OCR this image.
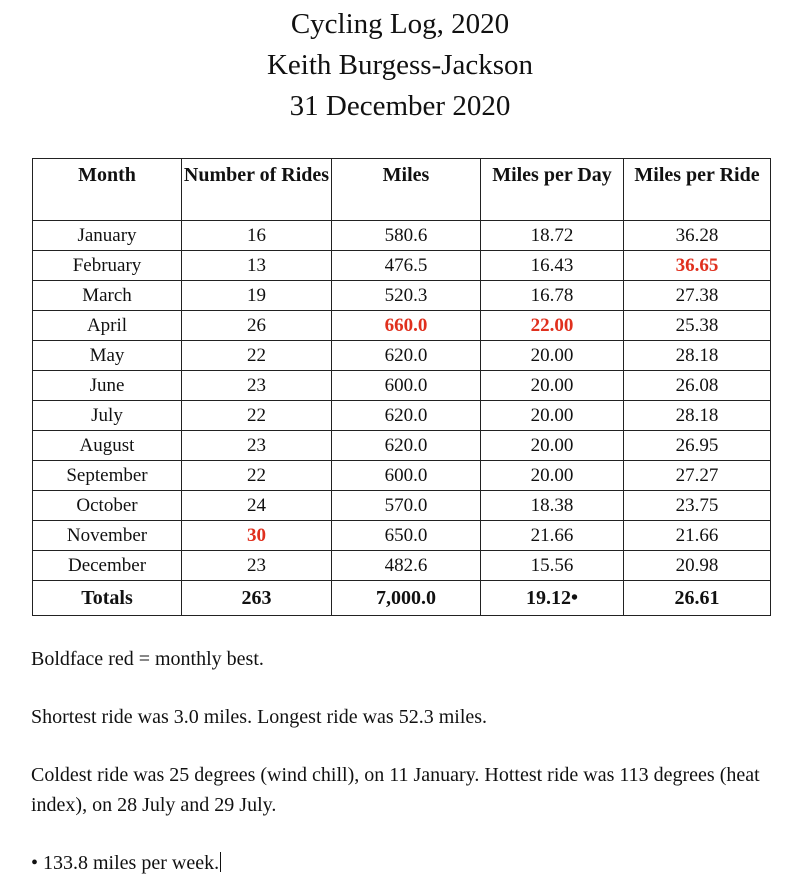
Cycling Log, 2020
Keith Burgess-Jackson
31 December 2020
Month	Number of Rides	Miles	Miles per Day	Miles per Ride
January	16	580.6	18.72	36.28
February	13	476.5	16.43	36.65
March	19	520.3	16.78	27.38
April	26	660.0	22.00	25.38
May	22	620.0	20.00	28.18
June	23	600.0	20.00	26.08
July	22	620.0	20.00	28.18
August	23	620.0	20.00	26.95
September	22	600.0	20.00	27.27
October	24	570.0	18.38	23.75
November	30	650.0	21.66	21.66
December	23	482.6	15.56	20.98
Totals	263	7,000.0	19.12•	26.61
Boldface red = monthly best.
Shortest ride was 3.0 miles. Longest ride was 52.3 miles.
Coldest ride was 25 degrees (wind chill), on 11 January. Hottest ride was 113 degrees (heat index), on 28 July and 29 July.
• 133.8 miles per week.
